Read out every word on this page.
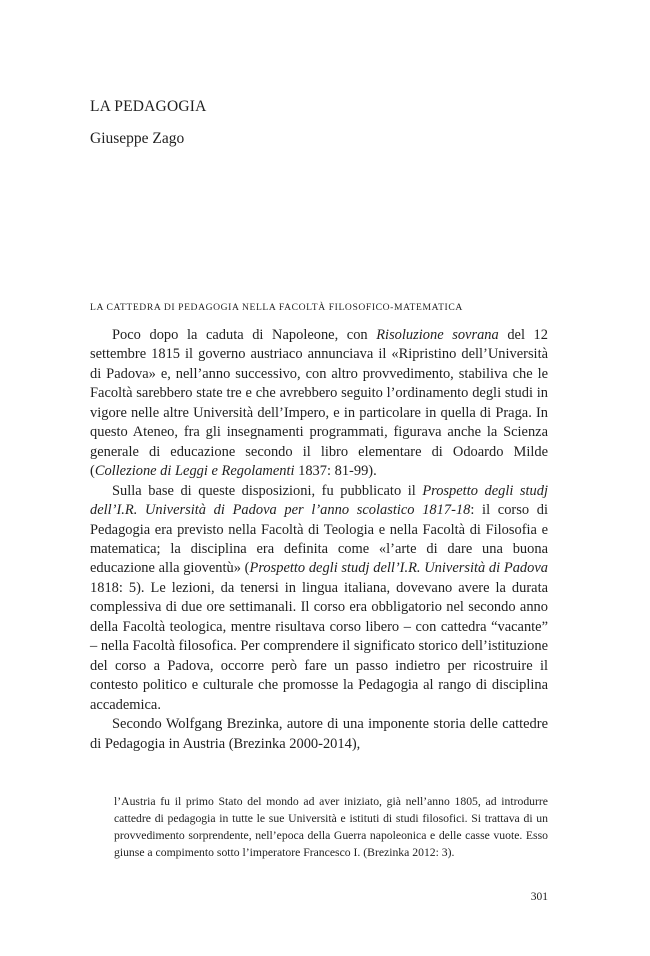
LA PEDAGOGIA
Giuseppe Zago
LA CATTEDRA DI PEDAGOGIA NELLA FACOLTÀ FILOSOFICO-MATEMATICA

Poco dopo la caduta di Napoleone, con Risoluzione sovrana del 12 settembre 1815 il governo austriaco annunciava il «Ripristino dell’Università di Padova» e, nell’anno successivo, con altro provvedimento, stabiliva che le Facoltà sarebbero state tre e che avrebbero seguito l’ordinamento degli studi in vigore nelle altre Università dell’Impero, e in particolare in quella di Praga. In questo Ateneo, fra gli insegnamenti programmati, figurava anche la Scienza generale di educazione secondo il libro elementare di Odoardo Milde (Collezione di Leggi e Regolamenti 1837: 81-99).

Sulla base di queste disposizioni, fu pubblicato il Prospetto degli studj dell’I.R. Università di Padova per l’anno scolastico 1817-18: il corso di Pedagogia era previsto nella Facoltà di Teologia e nella Facoltà di Filosofia e matematica; la disciplina era definita come «l’arte di dare una buona educazione alla gioventù» (Prospetto degli studj dell’I.R. Università di Padova 1818: 5). Le lezioni, da tenersi in lingua italiana, dovevano avere la durata complessiva di due ore settimanali. Il corso era obbligatorio nel secondo anno della Facoltà teologica, mentre risultava corso libero – con cattedra “vacante” – nella Facoltà filosofica. Per comprendere il significato storico dell’istituzione del corso a Padova, occorre però fare un passo indietro per ricostruire il contesto politico e culturale che promosse la Pedagogia al rango di disciplina accademica.

Secondo Wolfgang Brezinka, autore di una imponente storia delle cattedre di Pedagogia in Austria (Brezinka 2000-2014),

l’Austria fu il primo Stato del mondo ad aver iniziato, già nell’anno 1805, ad introdurre cattedre di pedagogia in tutte le sue Università e istituti di studi filosofici. Si trattava di un provvedimento sorprendente, nell’epoca della Guerra napoleonica e delle casse vuote. Esso giunse a compimento sotto l’imperatore Francesco I. (Brezinka 2012: 3).
301
